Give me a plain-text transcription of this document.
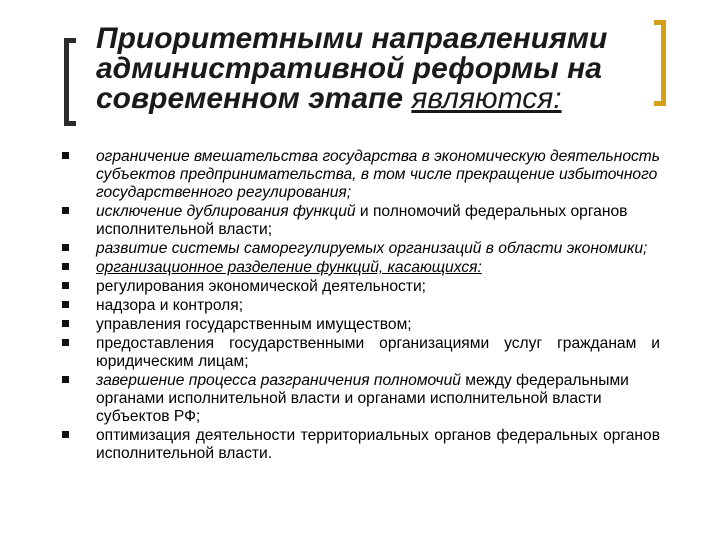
Приоритетными направлениями административной реформы на современном этапе являются:
ограничение вмешательства государства в экономическую деятельность субъектов предпринимательства, в том числе прекращение избыточного государственного регулирования;
исключение дублирования функций и полномочий федеральных органов исполнительной власти;
развитие системы саморегулируемых организаций в области экономики;
организационное разделение функций, касающихся:
регулирования экономической деятельности;
надзора и контроля;
управления государственным имуществом;
предоставления государственными организациями услуг гражданам и юридическим лицам;
завершение процесса разграничения полномочий между федеральными органами исполнительной власти и органами исполнительной власти субъектов РФ;
оптимизация деятельности территориальных органов федеральных органов исполнительной власти.
